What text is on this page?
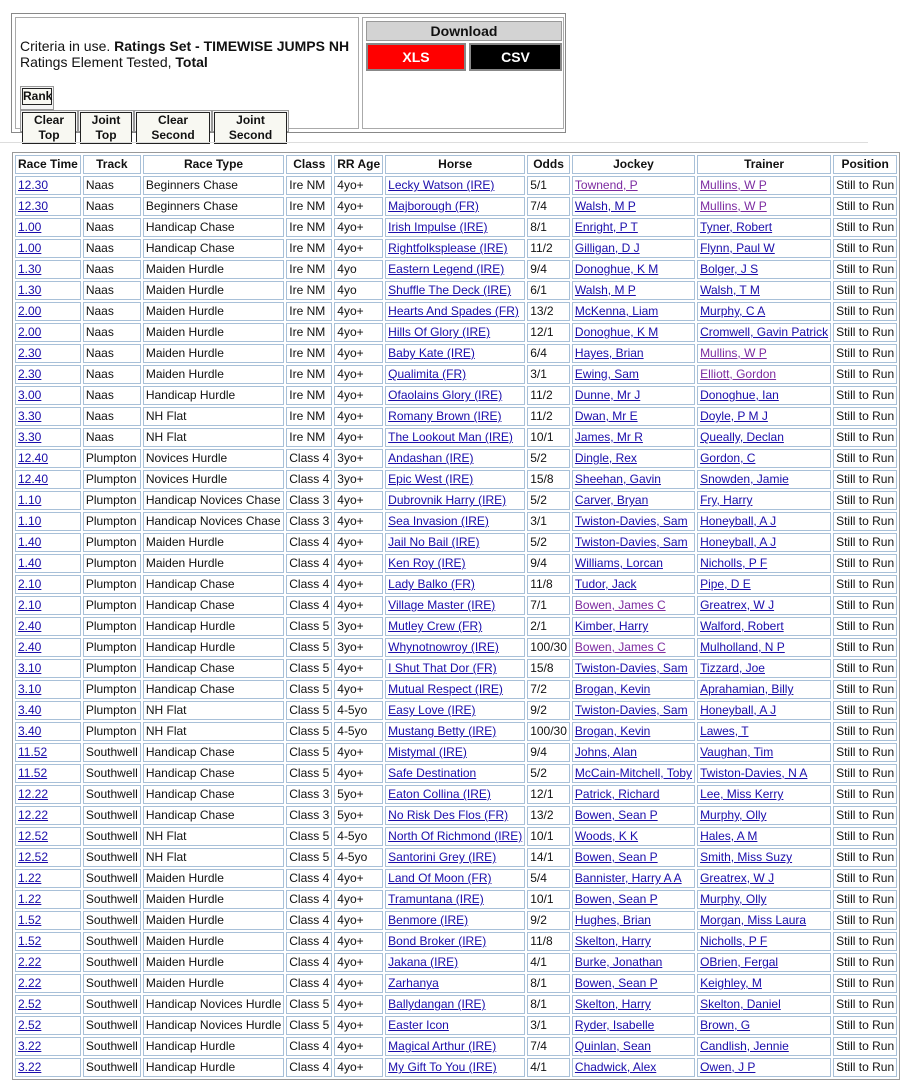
Criteria in use. Ratings Set - TIMEWISE JUMPS NH
Ratings Element Tested, Total
Rank
Clear Top
Joint Top
Clear Second
Joint Second
Download
XLS	CSV
Race Time	Track	Race Type	Class	RR Age	Horse	Odds	Jockey	Trainer	Position
12.30	Naas	Beginners Chase	Ire NM	4yo+	Lecky Watson (IRE)	5/1	Townend, P	Mullins, W P	Still to Run
12.30	Naas	Beginners Chase	Ire NM	4yo+	Majborough (FR)	7/4	Walsh, M P	Mullins, W P	Still to Run
1.00	Naas	Handicap Chase	Ire NM	4yo+	Irish Impulse (IRE)	8/1	Enright, P T	Tyner, Robert	Still to Run
1.00	Naas	Handicap Chase	Ire NM	4yo+	Rightfolksplease (IRE)	11/2	Gilligan, D J	Flynn, Paul W	Still to Run
1.30	Naas	Maiden Hurdle	Ire NM	4yo	Eastern Legend (IRE)	9/4	Donoghue, K M	Bolger, J S	Still to Run
1.30	Naas	Maiden Hurdle	Ire NM	4yo	Shuffle The Deck (IRE)	6/1	Walsh, M P	Walsh, T M	Still to Run
2.00	Naas	Maiden Hurdle	Ire NM	4yo+	Hearts And Spades (FR)	13/2	McKenna, Liam	Murphy, C A	Still to Run
2.00	Naas	Maiden Hurdle	Ire NM	4yo+	Hills Of Glory (IRE)	12/1	Donoghue, K M	Cromwell, Gavin Patrick	Still to Run
2.30	Naas	Maiden Hurdle	Ire NM	4yo+	Baby Kate (IRE)	6/4	Hayes, Brian	Mullins, W P	Still to Run
2.30	Naas	Maiden Hurdle	Ire NM	4yo+	Qualimita (FR)	3/1	Ewing, Sam	Elliott, Gordon	Still to Run
3.00	Naas	Handicap Hurdle	Ire NM	4yo+	Ofaolains Glory (IRE)	11/2	Dunne, Mr J	Donoghue, Ian	Still to Run
3.30	Naas	NH Flat	Ire NM	4yo+	Romany Brown (IRE)	11/2	Dwan, Mr E	Doyle, P M J	Still to Run
3.30	Naas	NH Flat	Ire NM	4yo+	The Lookout Man (IRE)	10/1	James, Mr R	Queally, Declan	Still to Run
12.40	Plumpton	Novices Hurdle	Class 4	3yo+	Andashan (IRE)	5/2	Dingle, Rex	Gordon, C	Still to Run
12.40	Plumpton	Novices Hurdle	Class 4	3yo+	Epic West (IRE)	15/8	Sheehan, Gavin	Snowden, Jamie	Still to Run
1.10	Plumpton	Handicap Novices Chase	Class 3	4yo+	Dubrovnik Harry (IRE)	5/2	Carver, Bryan	Fry, Harry	Still to Run
1.10	Plumpton	Handicap Novices Chase	Class 3	4yo+	Sea Invasion (IRE)	3/1	Twiston-Davies, Sam	Honeyball, A J	Still to Run
1.40	Plumpton	Maiden Hurdle	Class 4	4yo+	Jail No Bail (IRE)	5/2	Twiston-Davies, Sam	Honeyball, A J	Still to Run
1.40	Plumpton	Maiden Hurdle	Class 4	4yo+	Ken Roy (IRE)	9/4	Williams, Lorcan	Nicholls, P F	Still to Run
2.10	Plumpton	Handicap Chase	Class 4	4yo+	Lady Balko (FR)	11/8	Tudor, Jack	Pipe, D E	Still to Run
2.10	Plumpton	Handicap Chase	Class 4	4yo+	Village Master (IRE)	7/1	Bowen, James C	Greatrex, W J	Still to Run
2.40	Plumpton	Handicap Hurdle	Class 5	3yo+	Mutley Crew (FR)	2/1	Kimber, Harry	Walford, Robert	Still to Run
2.40	Plumpton	Handicap Hurdle	Class 5	3yo+	Whynotnowroy (IRE)	100/30	Bowen, James C	Mulholland, N P	Still to Run
3.10	Plumpton	Handicap Chase	Class 5	4yo+	I Shut That Dor (FR)	15/8	Twiston-Davies, Sam	Tizzard, Joe	Still to Run
3.10	Plumpton	Handicap Chase	Class 5	4yo+	Mutual Respect (IRE)	7/2	Brogan, Kevin	Aprahamian, Billy	Still to Run
3.40	Plumpton	NH Flat	Class 5	4-5yo	Easy Love (IRE)	9/2	Twiston-Davies, Sam	Honeyball, A J	Still to Run
3.40	Plumpton	NH Flat	Class 5	4-5yo	Mustang Betty (IRE)	100/30	Brogan, Kevin	Lawes, T	Still to Run
11.52	Southwell	Handicap Chase	Class 5	4yo+	Mistymal (IRE)	9/4	Johns, Alan	Vaughan, Tim	Still to Run
11.52	Southwell	Handicap Chase	Class 5	4yo+	Safe Destination	5/2	McCain-Mitchell, Toby	Twiston-Davies, N A	Still to Run
12.22	Southwell	Handicap Chase	Class 3	5yo+	Eaton Collina (IRE)	12/1	Patrick, Richard	Lee, Miss Kerry	Still to Run
12.22	Southwell	Handicap Chase	Class 3	5yo+	No Risk Des Flos (FR)	13/2	Bowen, Sean P	Murphy, Olly	Still to Run
12.52	Southwell	NH Flat	Class 5	4-5yo	North Of Richmond (IRE)	10/1	Woods, K K	Hales, A M	Still to Run
12.52	Southwell	NH Flat	Class 5	4-5yo	Santorini Grey (IRE)	14/1	Bowen, Sean P	Smith, Miss Suzy	Still to Run
1.22	Southwell	Maiden Hurdle	Class 4	4yo+	Land Of Moon (FR)	5/4	Bannister, Harry A A	Greatrex, W J	Still to Run
1.22	Southwell	Maiden Hurdle	Class 4	4yo+	Tramuntana (IRE)	10/1	Bowen, Sean P	Murphy, Olly	Still to Run
1.52	Southwell	Maiden Hurdle	Class 4	4yo+	Benmore (IRE)	9/2	Hughes, Brian	Morgan, Miss Laura	Still to Run
1.52	Southwell	Maiden Hurdle	Class 4	4yo+	Bond Broker (IRE)	11/8	Skelton, Harry	Nicholls, P F	Still to Run
2.22	Southwell	Maiden Hurdle	Class 4	4yo+	Jakana (IRE)	4/1	Burke, Jonathan	OBrien, Fergal	Still to Run
2.22	Southwell	Maiden Hurdle	Class 4	4yo+	Zarhanya	8/1	Bowen, Sean P	Keighley, M	Still to Run
2.52	Southwell	Handicap Novices Hurdle	Class 5	4yo+	Ballydangan (IRE)	8/1	Skelton, Harry	Skelton, Daniel	Still to Run
2.52	Southwell	Handicap Novices Hurdle	Class 5	4yo+	Easter Icon	3/1	Ryder, Isabelle	Brown, G	Still to Run
3.22	Southwell	Handicap Hurdle	Class 4	4yo+	Magical Arthur (IRE)	7/4	Quinlan, Sean	Candlish, Jennie	Still to Run
3.22	Southwell	Handicap Hurdle	Class 4	4yo+	My Gift To You (IRE)	4/1	Chadwick, Alex	Owen, J P	Still to Run
